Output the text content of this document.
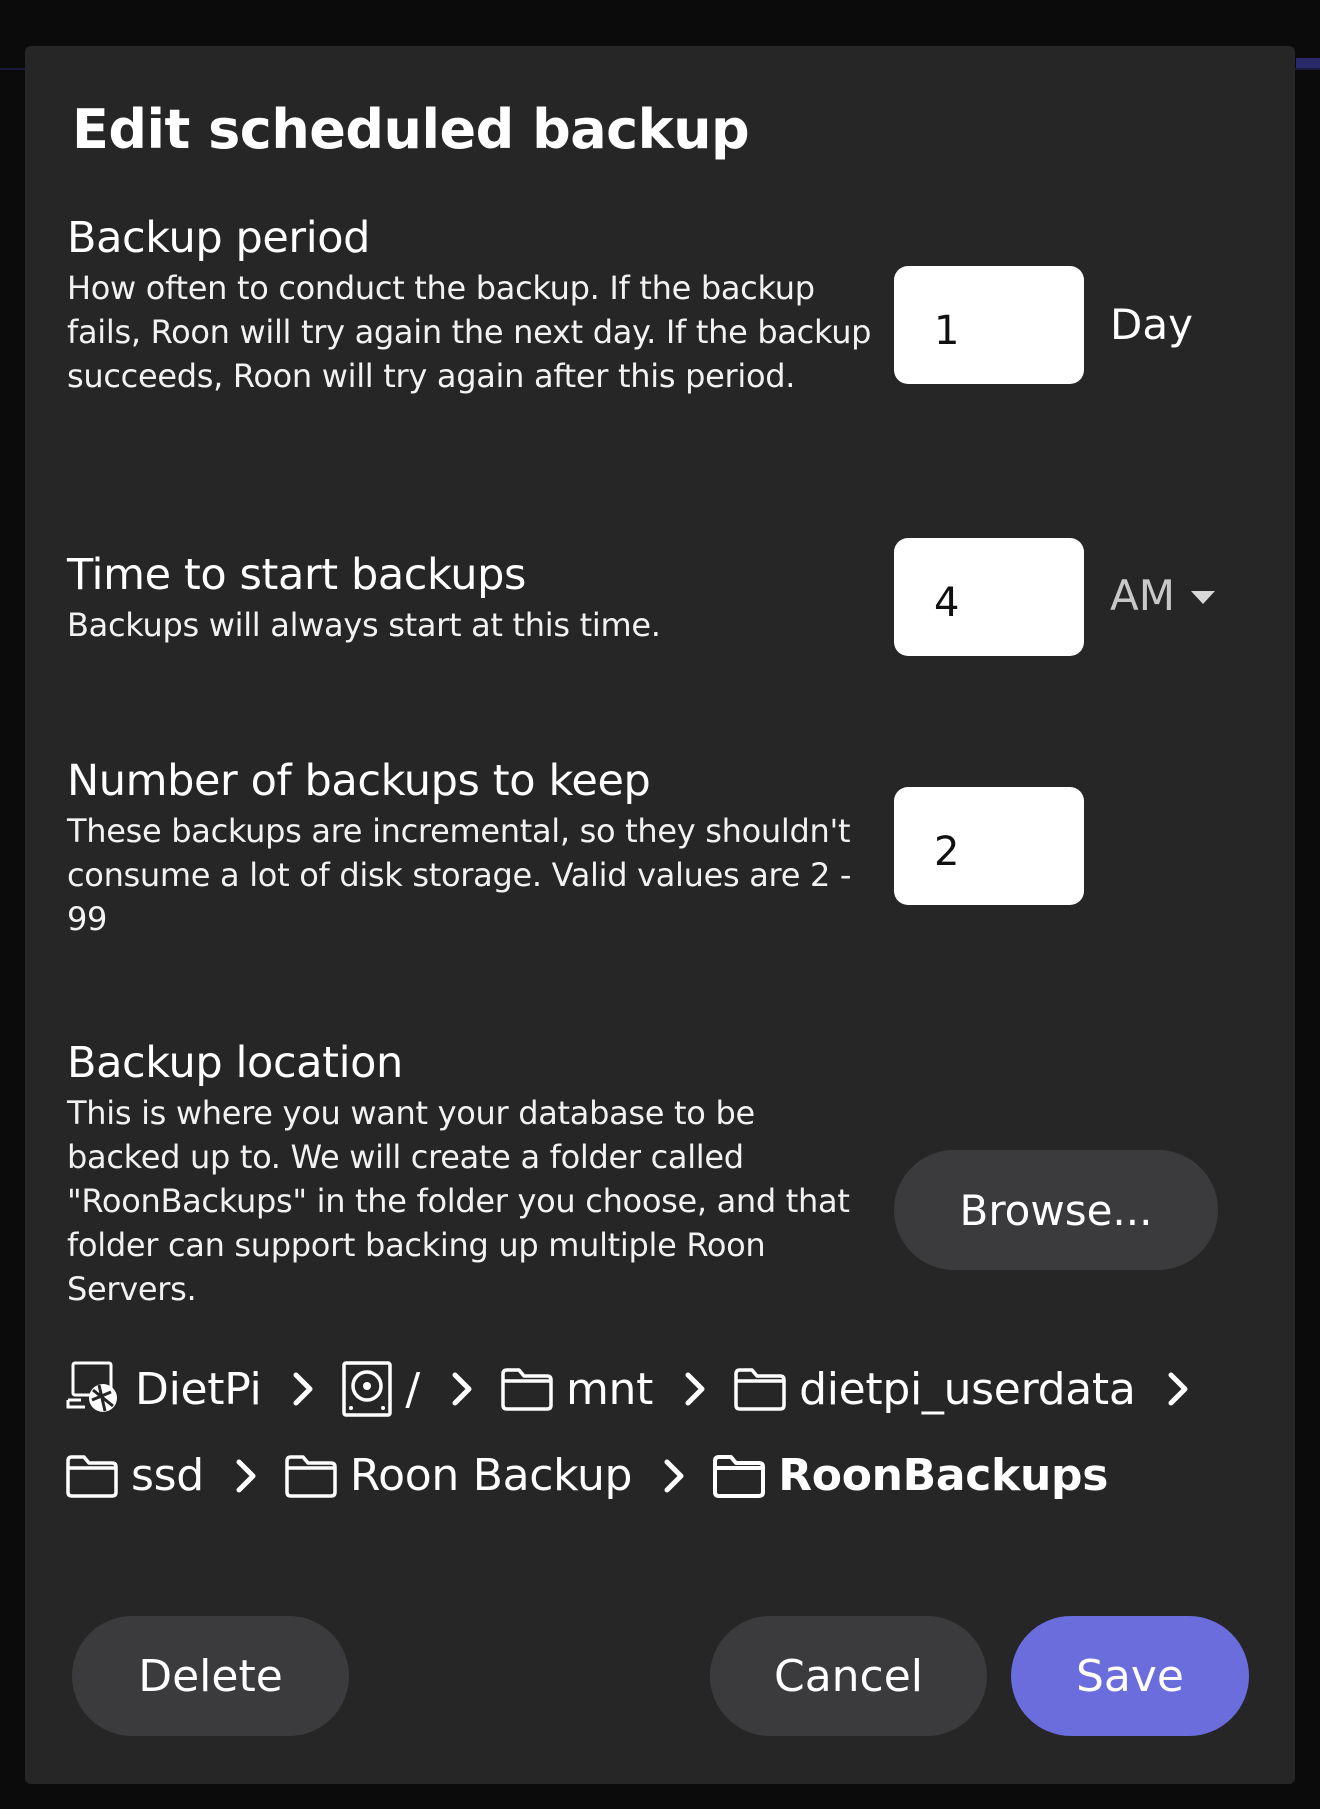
Edit scheduled backup
Backup period

How often to conduct the backup. If the backup fails, Roon will try again the next day. If the backup succeeds, Roon will try again after this period.

1
Day
Time to start backups

Backups will always start at this time.

4
AM
Number of backups to keep

These backups are incremental, so they shouldn't consume a lot of disk storage. Valid values are 2 - 99

2
Backup location

This is where you want your database to be backed up to. We will create a folder called "RoonBackups" in the folder you choose, and that folder can support backing up multiple Roon Servers.

Browse...
DietPi	/	mnt	dietpi_userdata
ssd	Roon Backup	RoonBackups
Delete	Cancel	Save
